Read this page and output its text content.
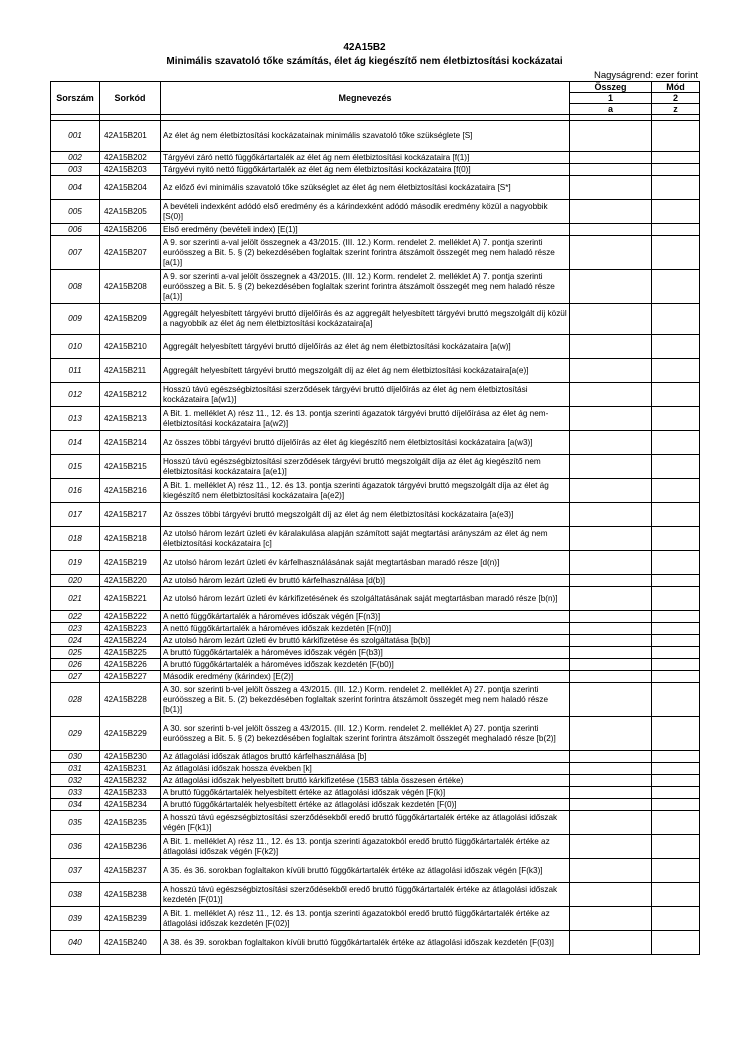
42A15B2
Minimális szavatoló tőke számítás, élet ág kiegészítő nem életbiztosítási kockázatai
Nagyságrend: ezer forint
Sorszám	Sorkód	Megnevezés	Összeg	Mód
			1	2
			a	z

001	42A15B201	Az élet ág nem életbiztosítási kockázatainak minimális szavatoló tőke szükséglete [S]		
002	42A15B202	Tárgyévi záró nettó függőkártartalék az élet ág nem életbiztosítási kockázataira [f(1)]		
003	42A15B203	Tárgyévi nyitó nettó függőkártartalék az élet ág nem életbiztosítási kockázataira [f(0)]		
004	42A15B204	Az előző évi minimális szavatoló tőke szükséglet az élet ág nem életbiztosítási kockázataira [S*]		
005	42A15B205	A bevételi indexként adódó első eredmény és a kárindexként adódó második eredmény közül a nagyobbik [S(0)]		
006	42A15B206	Első eredmény (bevételi index) [E(1)]		
007	42A15B207	A 9. sor szerinti a-val jelölt összegnek a 43/2015. (III. 12.) Korm. rendelet 2. melléklet A) 7. pontja szerinti euróösszeg a Bit. 5. § (2) bekezdésében foglaltak szerint forintra átszámolt összegét meg nem haladó része [a(1)]		
008	42A15B208	A 9. sor szerinti a-val jelölt összegnek a 43/2015. (III. 12.) Korm. rendelet 2. melléklet A) 7. pontja szerinti euróösszeg a Bit. 5. § (2) bekezdésében foglaltak szerint forintra átszámolt összegét meg nem haladó része [a(1)]		
009	42A15B209	Aggregált helyesbített tárgyévi bruttó díjelőírás és az aggregált helyesbített tárgyévi bruttó megszolgált díj közül a nagyobbik az élet ág nem életbiztosítási kockázataira[a]		
010	42A15B210	Aggregált helyesbített tárgyévi bruttó díjelőírás az élet ág nem életbiztosítási kockázataira [a(w)]		
011	42A15B211	Aggregált helyesbített tárgyévi bruttó megszolgált díj az élet ág nem életbiztosítási kockázataira[a(e)]		
012	42A15B212	Hosszú távú egészségbiztosítási szerződések tárgyévi bruttó díjelőírás az élet ág nem életbiztosítási kockázataira [a(w1)]		
013	42A15B213	A Bit. 1. melléklet A) rész 11., 12. és 13. pontja szerinti ágazatok tárgyévi bruttó díjelőírása az élet ág nem-életbiztosítási kockázataira [a(w2)]		
014	42A15B214	Az összes többi tárgyévi bruttó díjelőírás az élet ág kiegészítő nem életbiztosítási kockázataira [a(w3)]		
015	42A15B215	Hosszú távú egészségbiztosítási szerződések tárgyévi bruttó megszolgált díja az élet ág kiegészítő nem életbiztosítási kockázataira [a(e1)]		
016	42A15B216	A Bit. 1. melléklet A) rész 11., 12. és 13. pontja szerinti ágazatok tárgyévi bruttó megszolgált díja az élet ág kiegészítő nem életbiztosítási kockázataira [a(e2)]		
017	42A15B217	Az összes többi tárgyévi bruttó megszolgált díj az élet ág nem életbiztosítási kockázataira [a(e3)]		
018	42A15B218	Az utolsó három lezárt üzleti év káralakulása alapján számított saját megtartási arányszám az élet ág nem életbiztosítási kockázataira [c]		
019	42A15B219	Az utolsó három lezárt üzleti év kárfelhasználásának saját megtartásban maradó része [d(n)]		
020	42A15B220	Az utolsó három lezárt üzleti év bruttó kárfelhasználása [d(b)]		
021	42A15B221	Az utolsó három lezárt üzleti év kárkifizetésének és szolgáltatásának saját megtartásban maradó része [b(n)]		
022	42A15B222	A nettó függőkártartalék a hároméves időszak végén [F(n3)]		
023	42A15B223	A nettó függőkártartalék a hároméves időszak kezdetén [F(n0)]		
024	42A15B224	Az utolsó három lezárt üzleti év bruttó kárkifizetése és szolgáltatása [b(b)]		
025	42A15B225	A bruttó függőkártartalék a hároméves időszak végén [F(b3)]		
026	42A15B226	A bruttó függőkártartalék a hároméves időszak kezdetén [F(b0)]		
027	42A15B227	Második eredmény (kárindex) [E(2)]		
028	42A15B228	A 30. sor szerinti b-vel jelölt összeg a 43/2015. (III. 12.) Korm. rendelet 2. melléklet A) 27. pontja szerinti euróösszeg a Bit. 5. (2) bekezdésében foglaltak szerint forintra átszámolt összegét meg nem haladó része [b(1)]		
029	42A15B229	A 30. sor szerinti b-vel jelölt összeg a 43/2015. (III. 12.) Korm. rendelet 2. melléklet A) 27. pontja szerinti euróösszeg a Bit. 5. § (2) bekezdésében foglaltak szerint forintra átszámolt összegét meghaladó része [b(2)]		
030	42A15B230	Az átlagolási időszak átlagos bruttó kárfelhasználása [b]		
031	42A15B231	Az átlagolási időszak hossza években [k]		
032	42A15B232	Az átlagolási időszak helyesbített bruttó kárkifizetése (15B3 tábla összesen értéke)		
033	42A15B233	A bruttó függőkártartalék helyesbített értéke az átlagolási időszak végén [F(k)]		
034	42A15B234	A bruttó függőkártartalék helyesbített értéke az átlagolási időszak kezdetén [F(0)]		
035	42A15B235	A hosszú távú egészségbiztosítási szerződésekből eredő bruttó függőkártartalék értéke az átlagolási időszak végén [F(k1)]		
036	42A15B236	A Bit. 1. melléklet A) rész 11., 12. és 13. pontja szerinti ágazatokból eredő bruttó függőkártartalék értéke az átlagolási időszak végén [F(k2)]		
037	42A15B237	A 35. és 36. sorokban foglaltakon kívüli bruttó függőkártartalék értéke az átlagolási időszak végén [F(k3)]		
038	42A15B238	A hosszú távú egészségbiztosítási szerződésekből eredő bruttó függőkártartalék értéke az átlagolási időszak kezdetén [F(01)]		
039	42A15B239	A Bit. 1. melléklet A) rész 11., 12. és 13. pontja szerinti ágazatokból eredő bruttó függőkártartalék értéke az átlagolási időszak kezdetén [F(02)]		
040	42A15B240	A 38. és 39. sorokban foglaltakon kívüli bruttó függőkártartalék értéke az átlagolási időszak kezdetén [F(03)]		
